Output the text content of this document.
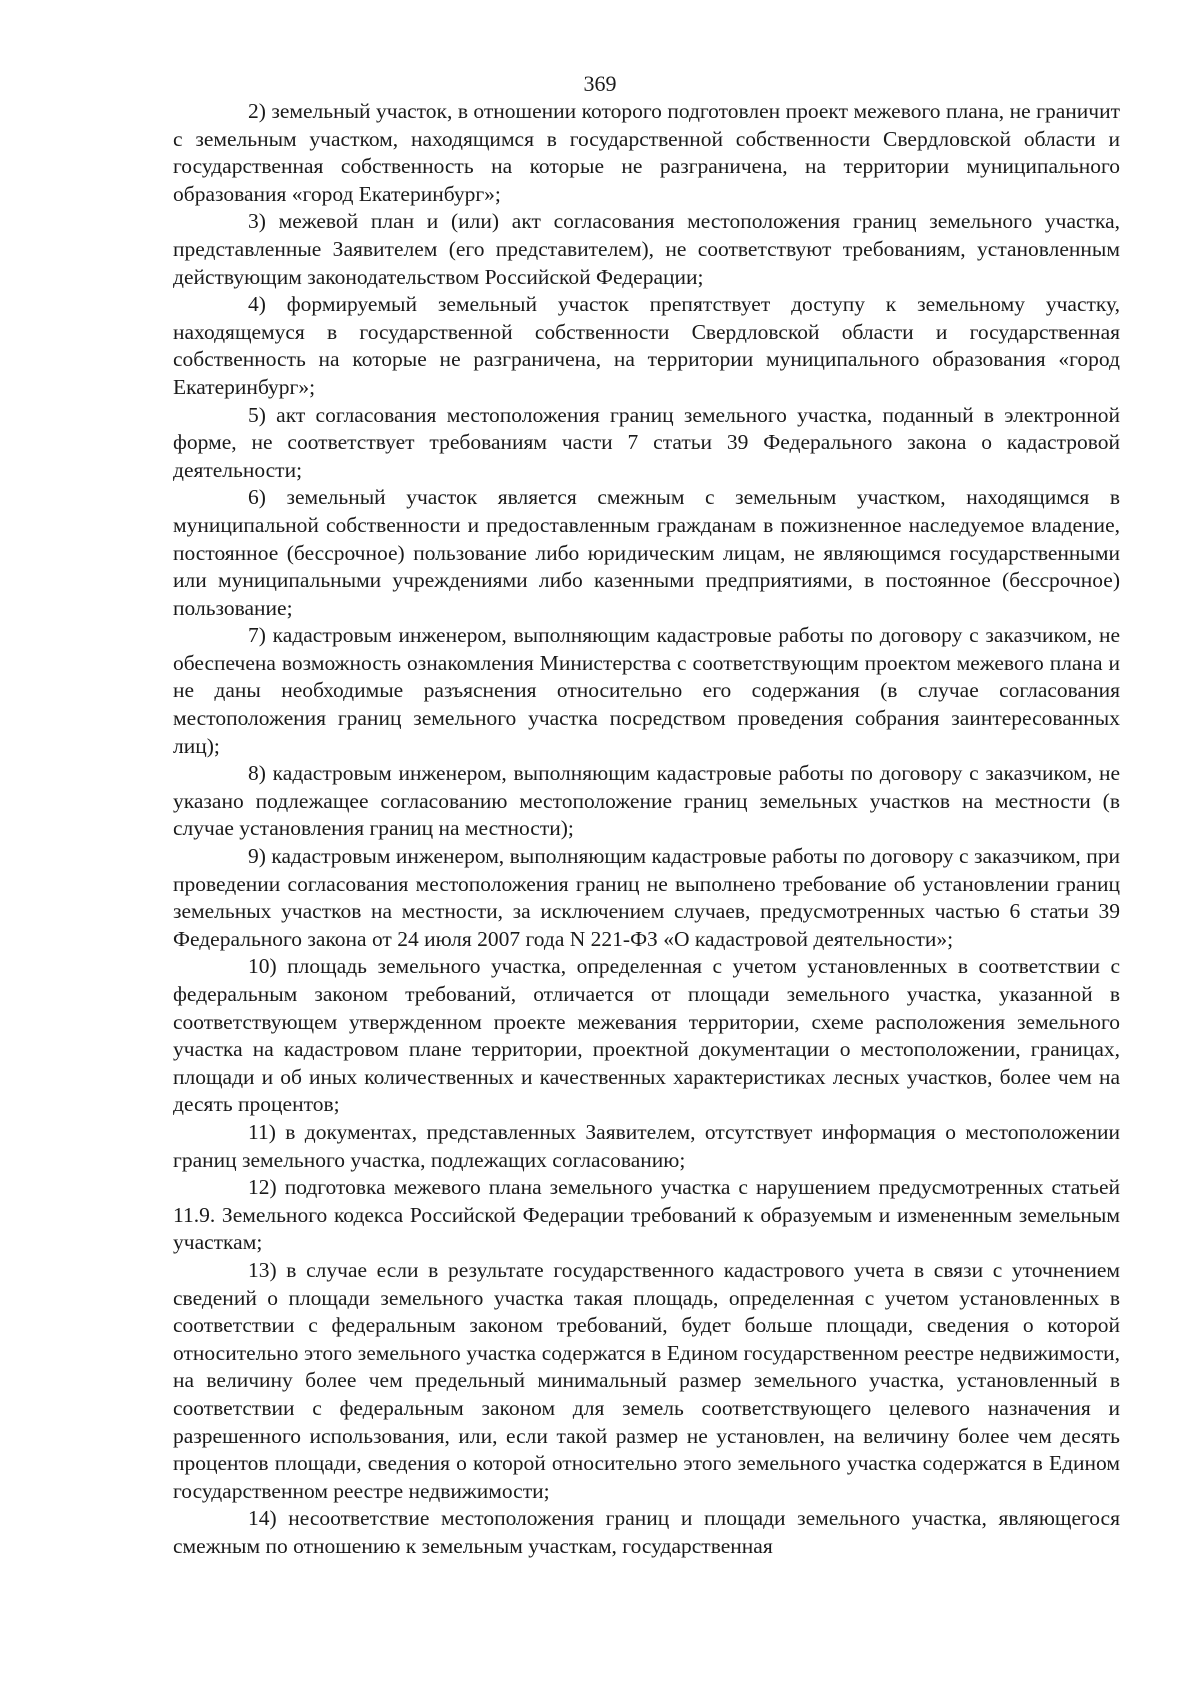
369

2) земельный участок, в отношении которого подготовлен проект межевого плана, не граничит с земельным участком, находящимся в государственной собственности Свердловской области и государственная собственность на которые не разграничена, на территории муниципального образования «город Екатеринбург»;

3) межевой план и (или) акт согласования местоположения границ земельного участка, представленные Заявителем (его представителем), не соответствуют требованиям, установленным действующим законодательством Российской Федерации;

4) формируемый земельный участок препятствует доступу к земельному участку, находящемуся в государственной собственности Свердловской области и государственная собственность на которые не разграничена, на территории муниципального образования «город Екатеринбург»;

5) акт согласования местоположения границ земельного участка, поданный в электронной форме, не соответствует требованиям части 7 статьи 39 Федерального закона о кадастровой деятельности;

6) земельный участок является смежным с земельным участком, находящимся в муниципальной собственности и предоставленным гражданам в пожизненное наследуемое владение, постоянное (бессрочное) пользование либо юридическим лицам, не являющимся государственными или муниципальными учреждениями либо казенными предприятиями, в постоянное (бессрочное) пользование;

7) кадастровым инженером, выполняющим кадастровые работы по договору с заказчиком, не обеспечена возможность ознакомления Министерства с соответствующим проектом межевого плана и не даны необходимые разъяснения относительно его содержания (в случае согласования местоположения границ земельного участка посредством проведения собрания заинтересованных лиц);

8) кадастровым инженером, выполняющим кадастровые работы по договору с заказчиком, не указано подлежащее согласованию местоположение границ земельных участков на местности (в случае установления границ на местности);

9) кадастровым инженером, выполняющим кадастровые работы по договору с заказчиком, при проведении согласования местоположения границ не выполнено требование об установлении границ земельных участков на местности, за исключением случаев, предусмотренных частью 6 статьи 39 Федерального закона от 24 июля 2007 года N 221-ФЗ «О кадастровой деятельности»;

10) площадь земельного участка, определенная с учетом установленных в соответствии с федеральным законом требований, отличается от площади земельного участка, указанной в соответствующем утвержденном проекте межевания территории, схеме расположения земельного участка на кадастровом плане территории, проектной документации о местоположении, границах, площади и об иных количественных и качественных характеристиках лесных участков, более чем на десять процентов;

11) в документах, представленных Заявителем, отсутствует информация о местоположении границ земельного участка, подлежащих согласованию;

12) подготовка межевого плана земельного участка с нарушением предусмотренных статьей 11.9. Земельного кодекса Российской Федерации требований к образуемым и измененным земельным участкам;

13) в случае если в результате государственного кадастрового учета в связи с уточнением сведений о площади земельного участка такая площадь, определенная с учетом установленных в соответствии с федеральным законом требований, будет больше площади, сведения о которой относительно этого земельного участка содержатся в Едином государственном реестре недвижимости, на величину более чем предельный минимальный размер земельного участка, установленный в соответствии с федеральным законом для земель соответствующего целевого назначения и разрешенного использования, или, если такой размер не установлен, на величину более чем десять процентов площади, сведения о которой относительно этого земельного участка содержатся в Едином государственном реестре недвижимости;

14) несоответствие местоположения границ и площади земельного участка, являющегося смежным по отношению к земельным участкам, государственная
